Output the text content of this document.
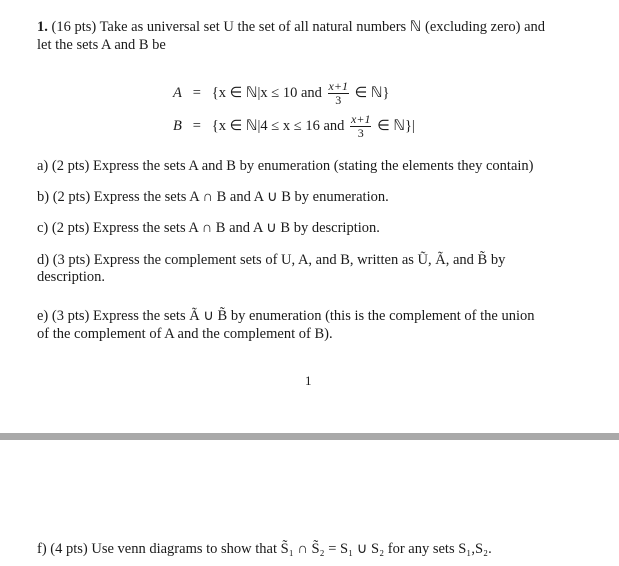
1. (16 pts) Take as universal set U the set of all natural numbers ℕ (excluding zero) and
let the sets A and B be
A = {x ∈ ℕ|x ≤ 10 and $\frac{x+1}{3}$ ∈ ℕ}
B = {x ∈ ℕ|4 ≤ x ≤ 16 and $\frac{x+1}{3}$ ∈ ℕ}|
a) (2 pts) Express the sets A and B by enumeration (stating the elements they contain)
b) (2 pts) Express the sets A ∩ B and A ∪ B by enumeration.
c) (2 pts) Express the sets A ∩ B and A ∪ B by description.
d) (3 pts) Express the complement sets of U, A, and B, written as Ũ, Ã, and B̃ by
description.
e) (3 pts) Express the sets Ã ∪ B̃ by enumeration (this is the complement of the union
of the complement of A and the complement of B).
1
f) (4 pts) Use venn diagrams to show that S̃₁ ∩ S̃₂ = S₁ ∪ S₂ for any sets S₁,S₂.
